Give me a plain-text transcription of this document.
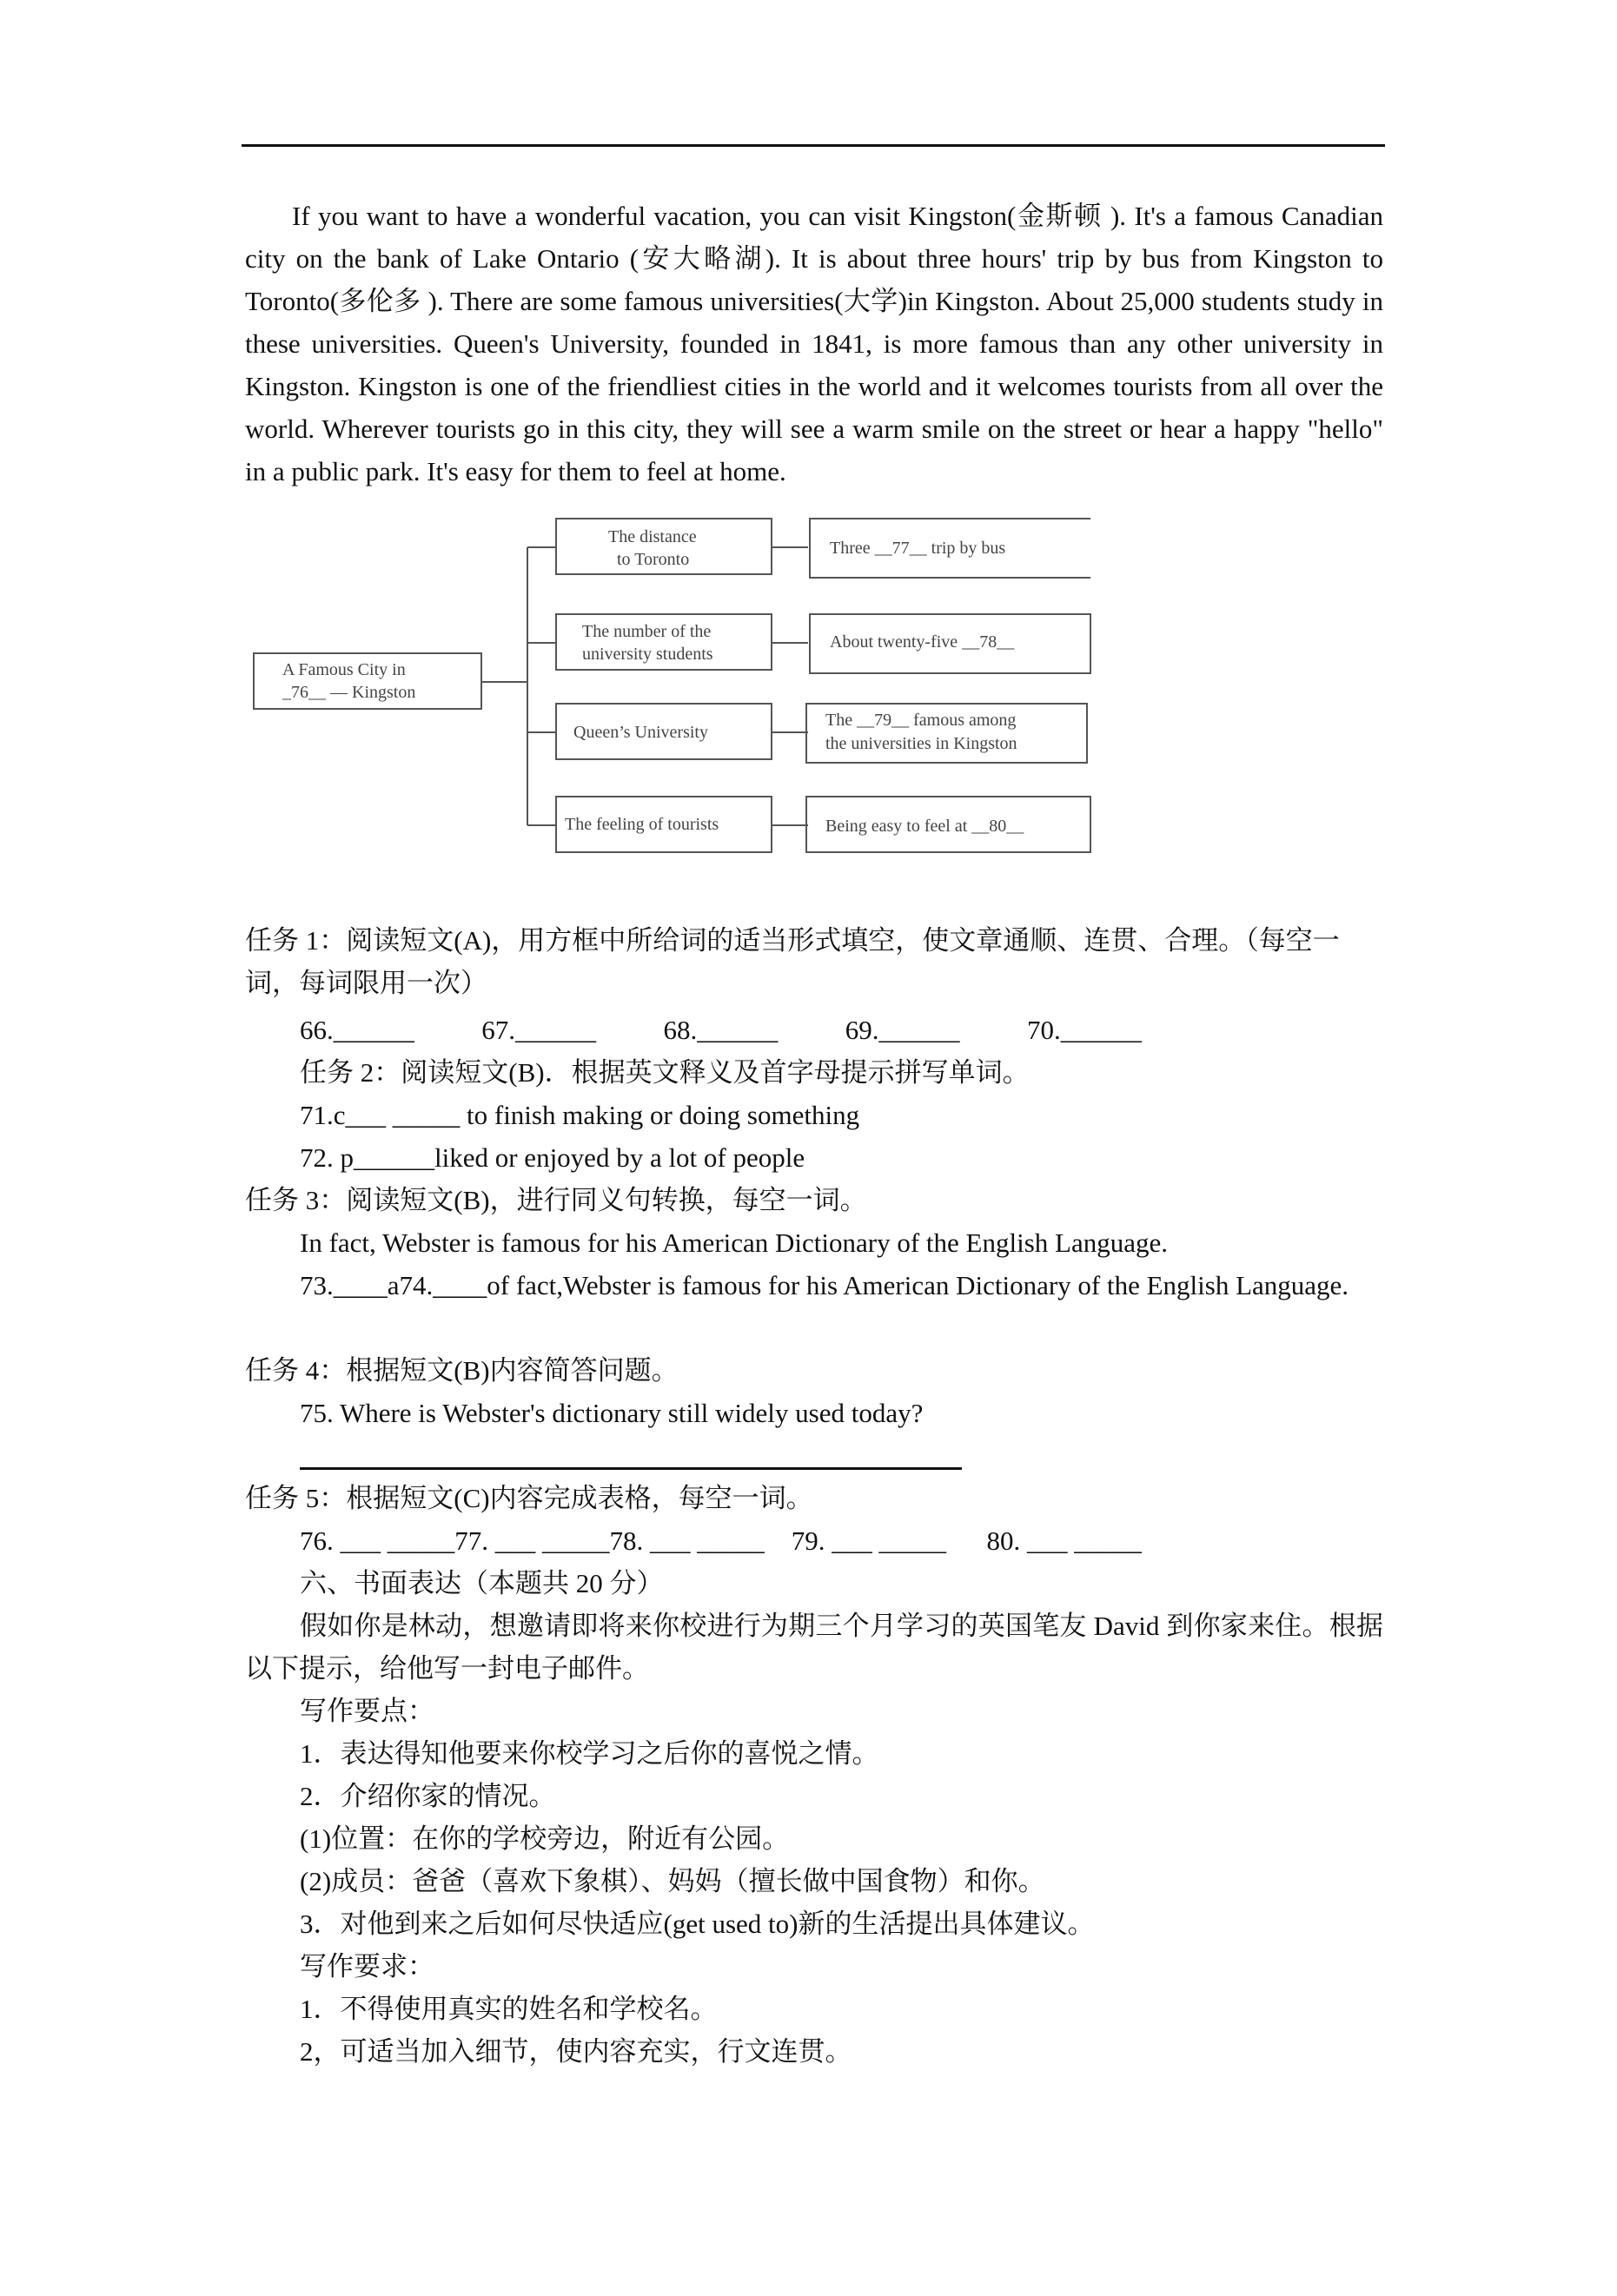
If you want to have a wonderful vacation, you can visit Kingston(金斯顿 ). It's a famous Canadian city on the bank of Lake Ontario (安大略湖). It is about three hours' trip by bus from Kingston to Toronto(多伦多 ). There are some famous universities(大学)in Kingston. About 25,000 students study in these universities. Queen's University, founded in 1841, is more famous than any other university in Kingston. Kingston is one of the friendliest cities in the world and it welcomes tourists from all over the world. Wherever tourists go in this city, they will see a warm smile on the street or hear a happy "hello" in a public park. It's easy for them to feel at home.

A Famous City in
_76__ — Kingston
The distance
to Toronto
The number of the
university students
Queen’s University
The feeling of tourists
Three __77__ trip by bus
About twenty-five __78__
The __79__ famous among
the universities in Kingston
Being easy to feel at __80__
任务 1：阅读短文(A)，用方框中所给词的适当形式填空，使文章通顺、连贯、合理。（每空一词，每词限用一次）
66.______	67.______	68.______	69.______	70.______
任务 2：阅读短文(B)．根据英文释义及首字母提示拼写单词。
71.c___ _____ to finish making or doing something
72. p______liked or enjoyed by a lot of people
任务 3：阅读短文(B)，进行同义句转换，每空一词。
In fact, Webster is famous for his American Dictionary of the English Language.
73.____a74.____of fact,Webster is famous for his American Dictionary of the English Language.
任务 4：根据短文(B)内容简答问题。
75. Where is Webster's dictionary still widely used today?
任务 5：根据短文(C)内容完成表格，每空一词。
76. ___ _____77. ___ _____78. ___ _____    79. ___ _____      80. ___ _____
六、书面表达（本题共 20 分）
假如你是林动，想邀请即将来你校进行为期三个月学习的英国笔友 David 到你家来住。根据以下提示，给他写一封电子邮件。
写作要点：
1．表达得知他要来你校学习之后你的喜悦之情。
2．介绍你家的情况。
(1)位置：在你的学校旁边，附近有公园。
(2)成员：爸爸（喜欢下象棋）、妈妈（擅长做中国食物）和你。
3．对他到来之后如何尽快适应(get used to)新的生活提出具体建议。
写作要求：
1．不得使用真实的姓名和学校名。
2，可适当加入细节，使内容充实，行文连贯。
